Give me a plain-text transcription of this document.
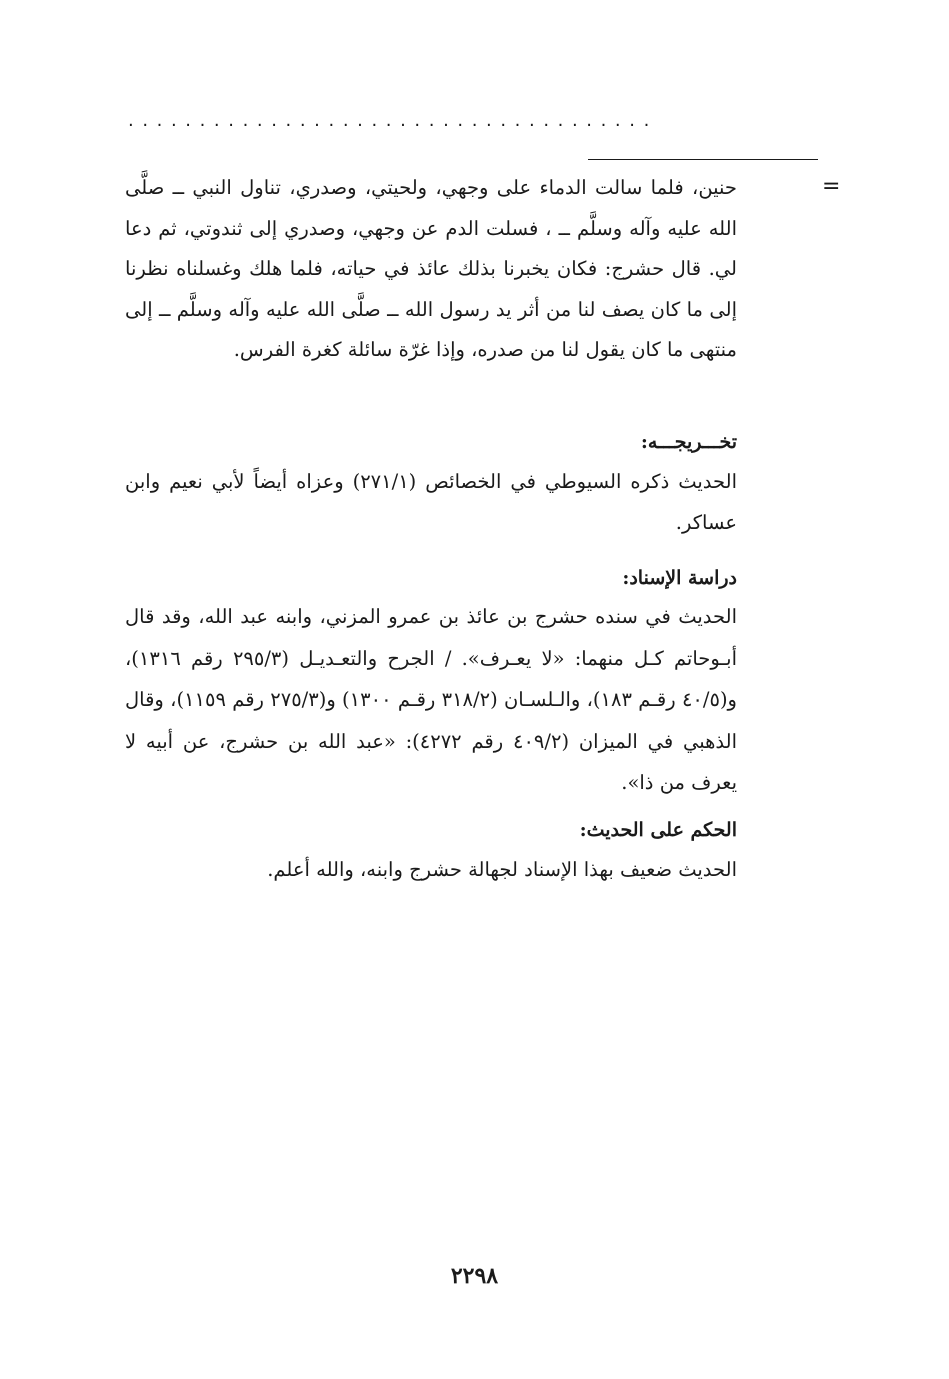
.....................................
=

حنين، فلما سالت الدماء على وجهي، ولحيتي، وصدري، تناول النبي ــ صلَّى الله عليه وآله وسلَّم ــ ، فسلت الدم عن وجهي، وصدري إلى ثندوتي، ثم دعا لي. قال حشرج: فكان يخبرنا بذلك عائذ في حياته، فلما هلك وغسلناه نظرنا إلى ما كان يصف لنا من أثر يد رسول الله ــ صلَّى الله عليه وآله وسلَّم ــ إلى منتهى ما كان يقول لنا من صدره، وإذا غرّة سائلة كغرة الفرس.

تخـــريجـــه:

الحديث ذكره السيوطي في الخصائص (٢٧١/١) وعزاه أيضاً لأبي نعيم وابن عساكر.

دراسة الإسناد:

الحديث في سنده حشرج بن عائذ بن عمرو المزني، وابنه عبد الله، وقد قال أبـوحاتم كـل منهما: «لا يعـرف». / الجرح والتعـديـل (٢٩٥/٣ رقم ١٣١٦)، و(٤٠/٥ رقـم ١٨٣)، والـلسـان (٣١٨/٢ رقـم ١٣٠٠) و(٢٧٥/٣ رقم ١١٥٩)، وقال الذهبي في الميزان (٤٠٩/٢ رقم ٤٢٧٢): «عبد الله بن حشرج، عن أبيه لا يعرف من ذا».

الحكم على الحديث:

الحديث ضعيف بهذا الإسناد لجهالة حشرج وابنه، والله أعلم.

٢٢٩٨
